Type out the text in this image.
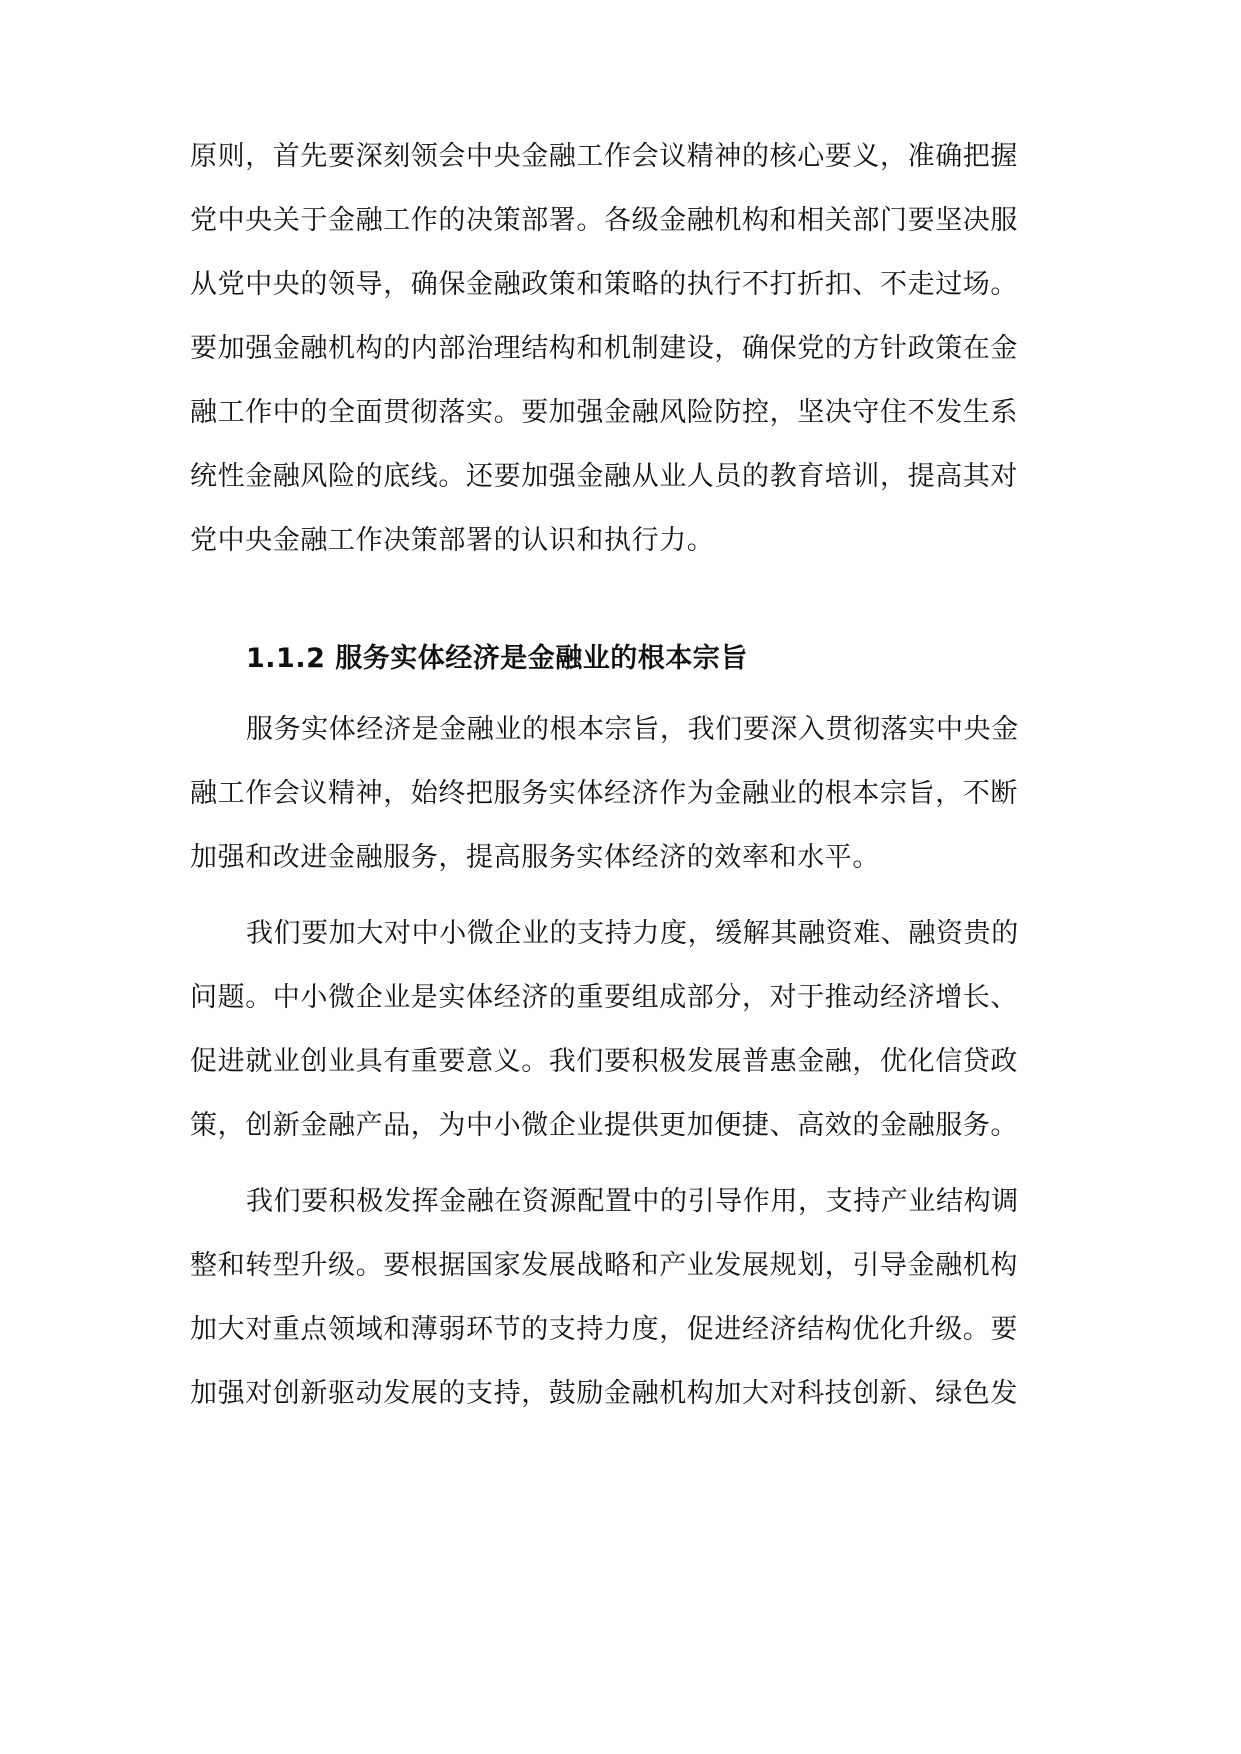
原则，首先要深刻领会中央金融工作会议精神的核心要义，准确把握
党中央关于金融工作的决策部署。各级金融机构和相关部门要坚决服
从党中央的领导，确保金融政策和策略的执行不打折扣、不走过场。
要加强金融机构的内部治理结构和机制建设，确保党的方针政策在金
融工作中的全面贯彻落实。要加强金融风险防控，坚决守住不发生系
统性金融风险的底线。还要加强金融从业人员的教育培训，提高其对
党中央金融工作决策部署的认识和执行力。
1.1.2 服务实体经济是金融业的根本宗旨
服务实体经济是金融业的根本宗旨，我们要深入贯彻落实中央金
融工作会议精神，始终把服务实体经济作为金融业的根本宗旨，不断
加强和改进金融服务，提高服务实体经济的效率和水平。
我们要加大对中小微企业的支持力度，缓解其融资难、融资贵的
问题。中小微企业是实体经济的重要组成部分，对于推动经济增长、
促进就业创业具有重要意义。我们要积极发展普惠金融，优化信贷政
策，创新金融产品，为中小微企业提供更加便捷、高效的金融服务。
我们要积极发挥金融在资源配置中的引导作用，支持产业结构调
整和转型升级。要根据国家发展战略和产业发展规划，引导金融机构
加大对重点领域和薄弱环节的支持力度，促进经济结构优化升级。要
加强对创新驱动发展的支持，鼓励金融机构加大对科技创新、绿色发
